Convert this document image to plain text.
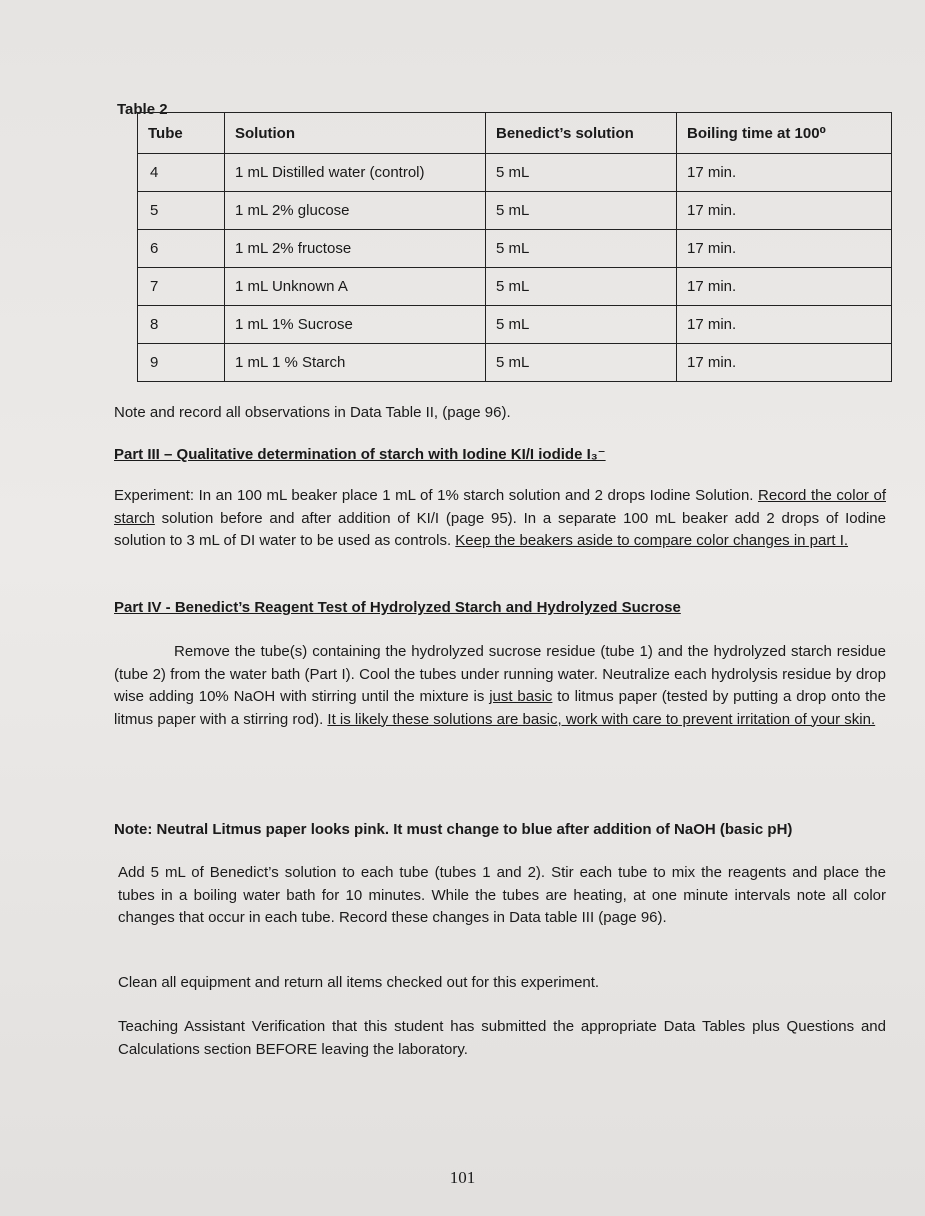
Table 2
Tube	Solution	Benedict’s solution	Boiling time at 100⁰
4	1 mL Distilled water (control)	5 mL	17 min.
5	1 mL 2% glucose	5 mL	17 min.
6	1 mL 2% fructose	5 mL	17 min.
7	1 mL Unknown A	5 mL	17 min.
8	1 mL 1% Sucrose	5 mL	17 min.
9	1 mL 1 % Starch	5 mL	17 min.

Note and record all observations in Data Table II, (page 96).

Part III – Qualitative determination of starch with Iodine KI/I iodide I₃⁻

Experiment: In an 100 mL beaker place 1 mL of 1% starch solution and 2 drops Iodine Solution. Record the color of starch solution before and after addition of KI/I (page 95). In a separate 100 mL beaker add 2 drops of Iodine solution to 3 mL of DI water to be used as controls. Keep the beakers aside to compare color changes in part I.

Part IV - Benedict’s Reagent Test of Hydrolyzed Starch and Hydrolyzed Sucrose

Remove the tube(s) containing the hydrolyzed sucrose residue (tube 1) and the hydrolyzed starch residue (tube 2) from the water bath (Part I). Cool the tubes under running water. Neutralize each hydrolysis residue by drop wise adding 10% NaOH with stirring until the mixture is just basic to litmus paper (tested by putting a drop onto the litmus paper with a stirring rod). It is likely these solutions are basic, work with care to prevent irritation of your skin.

Note: Neutral Litmus paper looks pink. It must change to blue after addition of NaOH (basic pH)

Add 5 mL of Benedict’s solution to each tube (tubes 1 and 2). Stir each tube to mix the reagents and place the tubes in a boiling water bath for 10 minutes. While the tubes are heating, at one minute intervals note all color changes that occur in each tube. Record these changes in Data table III (page 96).

Clean all equipment and return all items checked out for this experiment.

Teaching Assistant Verification that this student has submitted the appropriate Data Tables plus Questions and Calculations section BEFORE leaving the laboratory.

101
